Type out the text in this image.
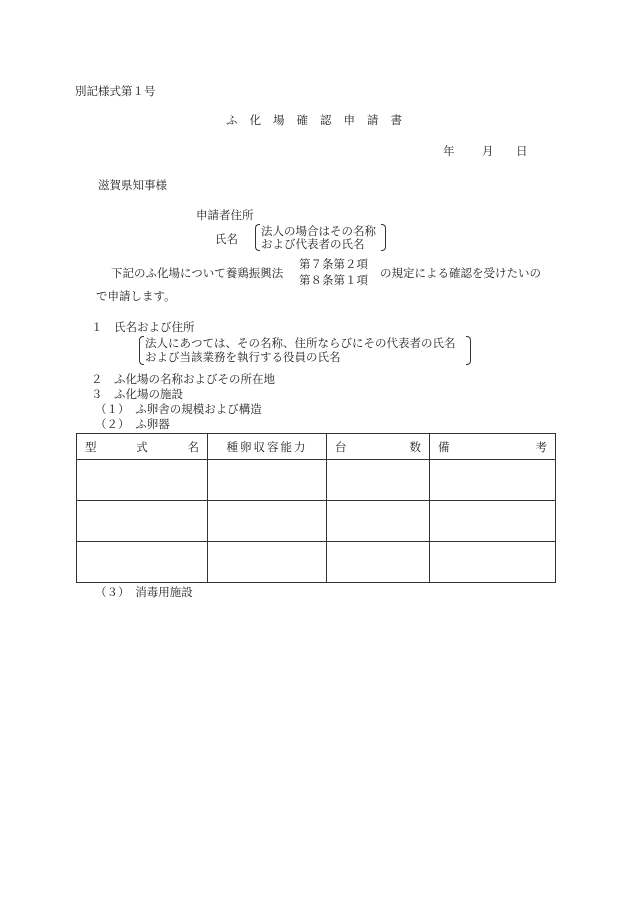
別記様式第１号
ふ化場確認申請書
年 月 日
滋賀県知事様
申請者住所
氏名
法人の場合はその名称
および代表者の氏名
下記のふ化場について養鶏振興法
第７条第２項
第８条第１項 の規定による確認を受けたいの
で申請します。
１　氏名および住所
法人にあつては、その名称、住所ならびにその代表者の氏名
および当該業務を執行する役員の氏名
２　ふ化場の名称およびその所在地
３　ふ化場の施設
（１）　ふ卵舎の規模および構造
（２）　ふ卵器
型 式 名	種卵収容能力	台 数	備 考

（３）　消毒用施設
